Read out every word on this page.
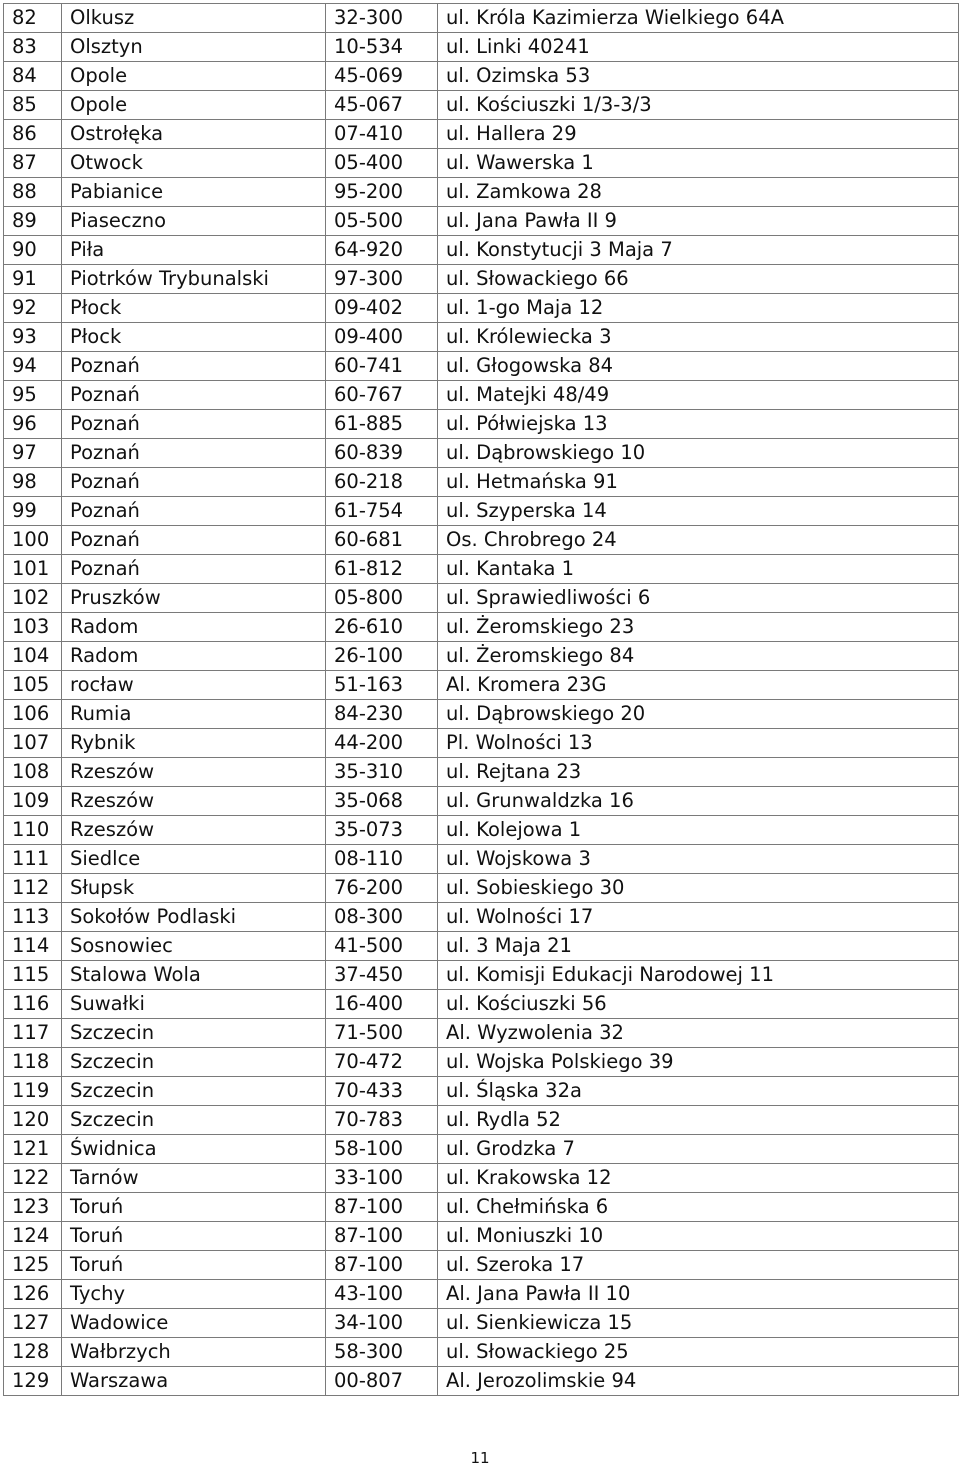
82	Olkusz	32-300	ul. Króla Kazimierza Wielkiego 64A
83	Olsztyn	10-534	ul. Linki 40241
84	Opole	45-069	ul. Ozimska 53
85	Opole	45-067	ul. Kościuszki 1/3-3/3
86	Ostrołęka	07-410	ul. Hallera 29
87	Otwock	05-400	ul. Wawerska 1
88	Pabianice	95-200	ul. Zamkowa 28
89	Piaseczno	05-500	ul. Jana Pawła II 9
90	Piła	64-920	ul. Konstytucji 3 Maja 7
91	Piotrków Trybunalski	97-300	ul. Słowackiego 66
92	Płock	09-402	ul. 1-go Maja 12
93	Płock	09-400	ul. Królewiecka 3
94	Poznań	60-741	ul. Głogowska 84
95	Poznań	60-767	ul. Matejki 48/49
96	Poznań	61-885	ul. Półwiejska 13
97	Poznań	60-839	ul. Dąbrowskiego 10
98	Poznań	60-218	ul. Hetmańska 91
99	Poznań	61-754	ul. Szyperska 14
100	Poznań	60-681	Os. Chrobrego 24
101	Poznań	61-812	ul. Kantaka 1
102	Pruszków	05-800	ul. Sprawiedliwości 6
103	Radom	26-610	ul. Żeromskiego 23
104	Radom	26-100	ul. Żeromskiego 84
105	rocław	51-163	Al. Kromera 23G
106	Rumia	84-230	ul. Dąbrowskiego 20
107	Rybnik	44-200	Pl. Wolności 13
108	Rzeszów	35-310	ul. Rejtana 23
109	Rzeszów	35-068	ul. Grunwaldzka 16
110	Rzeszów	35-073	ul. Kolejowa 1
111	Siedlce	08-110	ul. Wojskowa 3
112	Słupsk	76-200	ul. Sobieskiego 30
113	Sokołów Podlaski	08-300	ul. Wolności 17
114	Sosnowiec	41-500	ul. 3 Maja 21
115	Stalowa Wola	37-450	ul. Komisji Edukacji Narodowej 11
116	Suwałki	16-400	ul. Kościuszki 56
117	Szczecin	71-500	Al. Wyzwolenia 32
118	Szczecin	70-472	ul. Wojska Polskiego 39
119	Szczecin	70-433	ul. Śląska 32a
120	Szczecin	70-783	ul. Rydla 52
121	Świdnica	58-100	ul. Grodzka 7
122	Tarnów	33-100	ul. Krakowska 12
123	Toruń	87-100	ul. Chełmińska 6
124	Toruń	87-100	ul. Moniuszki 10
125	Toruń	87-100	ul. Szeroka 17
126	Tychy	43-100	Al. Jana Pawła II 10
127	Wadowice	34-100	ul. Sienkiewicza 15
128	Wałbrzych	58-300	ul. Słowackiego 25
129	Warszawa	00-807	Al. Jerozolimskie 94
11
